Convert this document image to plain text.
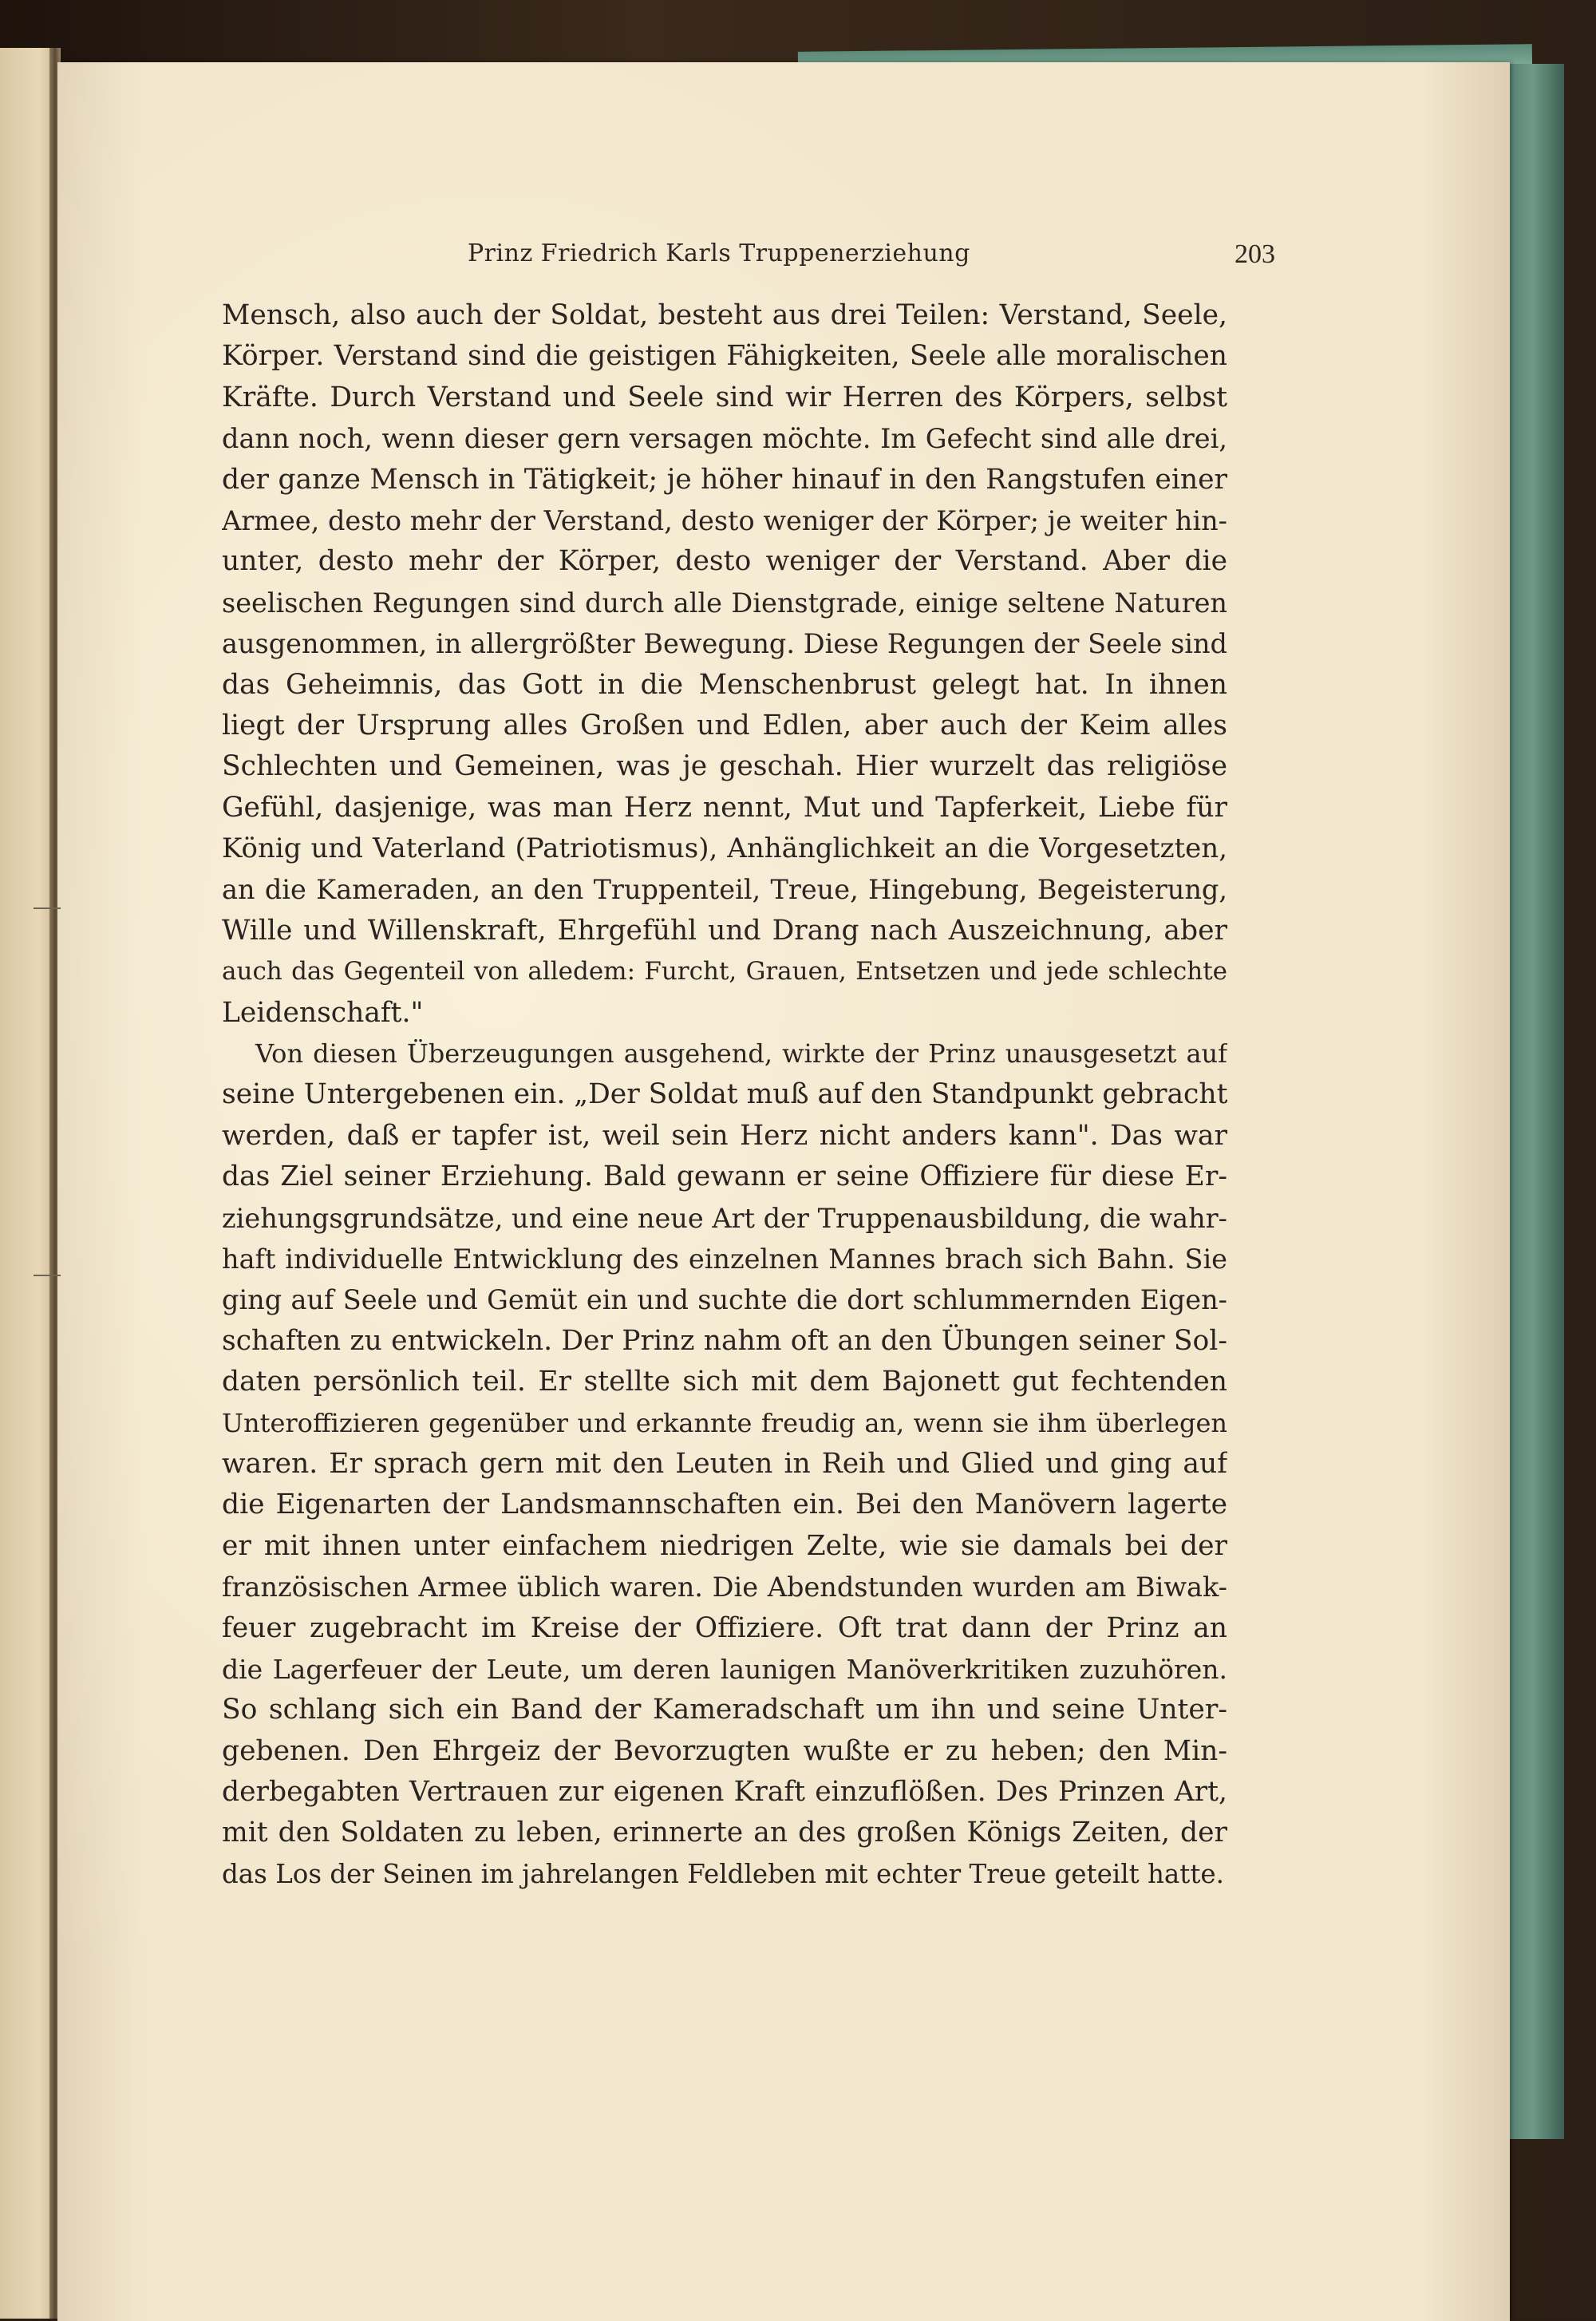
Prinz Friedrich Karls Truppenerziehung	203
Mensch, also auch der Soldat, besteht aus drei Teilen: Verstand, Seele,
Körper. Verstand sind die geistigen Fähigkeiten, Seele alle moralischen
Kräfte. Durch Verstand und Seele sind wir Herren des Körpers, selbst
dann noch, wenn dieser gern versagen möchte. Im Gefecht sind alle drei,
der ganze Mensch in Tätigkeit; je höher hinauf in den Rangstufen einer
Armee, desto mehr der Verstand, desto weniger der Körper; je weiter hin-
unter, desto mehr der Körper, desto weniger der Verstand. Aber die
seelischen Regungen sind durch alle Dienstgrade, einige seltene Naturen
ausgenommen, in allergrößter Bewegung. Diese Regungen der Seele sind
das Geheimnis, das Gott in die Menschenbrust gelegt hat. In ihnen
liegt der Ursprung alles Großen und Edlen, aber auch der Keim alles
Schlechten und Gemeinen, was je geschah. Hier wurzelt das religiöse
Gefühl, dasjenige, was man Herz nennt, Mut und Tapferkeit, Liebe für
König und Vaterland (Patriotismus), Anhänglichkeit an die Vorgesetzten,
an die Kameraden, an den Truppenteil, Treue, Hingebung, Begeisterung,
Wille und Willenskraft, Ehrgefühl und Drang nach Auszeichnung, aber
auch das Gegenteil von alledem: Furcht, Grauen, Entsetzen und jede schlechte
Leidenschaft."
Von diesen Überzeugungen ausgehend, wirkte der Prinz unausgesetzt auf
seine Untergebenen ein. „Der Soldat muß auf den Standpunkt gebracht
werden, daß er tapfer ist, weil sein Herz nicht anders kann". Das war
das Ziel seiner Erziehung. Bald gewann er seine Offiziere für diese Er-
ziehungsgrundsätze, und eine neue Art der Truppenausbildung, die wahr-
haft individuelle Entwicklung des einzelnen Mannes brach sich Bahn. Sie
ging auf Seele und Gemüt ein und suchte die dort schlummernden Eigen-
schaften zu entwickeln. Der Prinz nahm oft an den Übungen seiner Sol-
daten persönlich teil. Er stellte sich mit dem Bajonett gut fechtenden
Unteroffizieren gegenüber und erkannte freudig an, wenn sie ihm überlegen
waren. Er sprach gern mit den Leuten in Reih und Glied und ging auf
die Eigenarten der Landsmannschaften ein. Bei den Manövern lagerte
er mit ihnen unter einfachem niedrigen Zelte, wie sie damals bei der
französischen Armee üblich waren. Die Abendstunden wurden am Biwak-
feuer zugebracht im Kreise der Offiziere. Oft trat dann der Prinz an
die Lagerfeuer der Leute, um deren launigen Manöverkritiken zuzuhören.
So schlang sich ein Band der Kameradschaft um ihn und seine Unter-
gebenen. Den Ehrgeiz der Bevorzugten wußte er zu heben; den Min-
derbegabten Vertrauen zur eigenen Kraft einzuflößen. Des Prinzen Art,
mit den Soldaten zu leben, erinnerte an des großen Königs Zeiten, der
das Los der Seinen im jahrelangen Feldleben mit echter Treue geteilt hatte.
